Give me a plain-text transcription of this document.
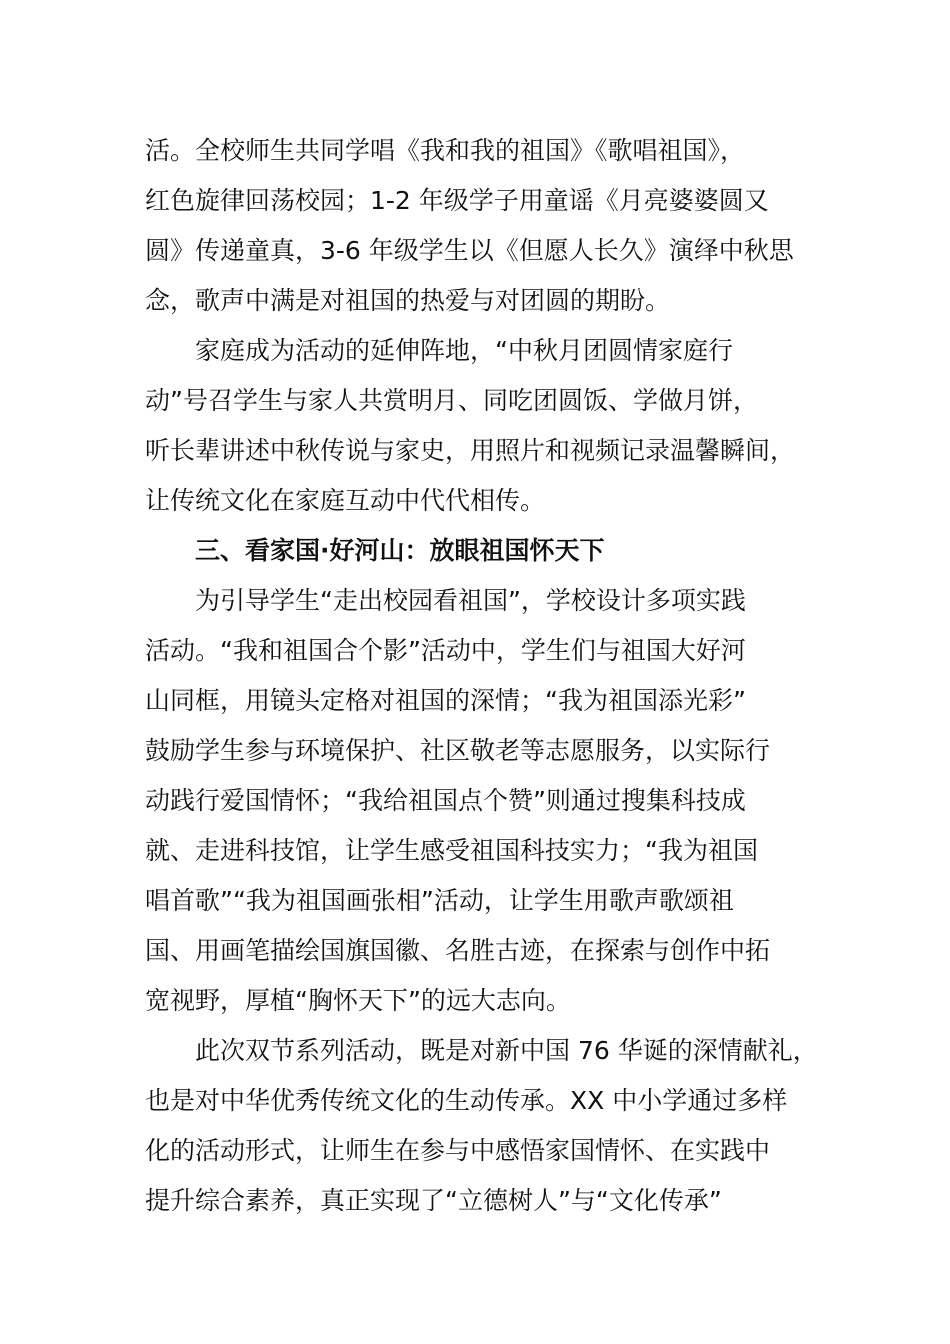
活。全校师生共同学唱《我和我的祖国》《歌唱祖国》，
红色旋律回荡校园；1-2 年级学子用童谣《月亮婆婆圆又
圆》传递童真，3-6 年级学生以《但愿人长久》演绎中秋思
念，歌声中满是对祖国的热爱与对团圆的期盼。
家庭成为活动的延伸阵地，“中秋月团圆情家庭行
动”号召学生与家人共赏明月、同吃团圆饭、学做月饼，
听长辈讲述中秋传说与家史，用照片和视频记录温馨瞬间，
让传统文化在家庭互动中代代相传。
三、看家国·好河山：放眼祖国怀天下
为引导学生“走出校园看祖国”，学校设计多项实践
活动。“我和祖国合个影”活动中，学生们与祖国大好河
山同框，用镜头定格对祖国的深情；“我为祖国添光彩”
鼓励学生参与环境保护、社区敬老等志愿服务，以实际行
动践行爱国情怀；“我给祖国点个赞”则通过搜集科技成
就、走进科技馆，让学生感受祖国科技实力；“我为祖国
唱首歌”“我为祖国画张相”活动，让学生用歌声歌颂祖
国、用画笔描绘国旗国徽、名胜古迹，在探索与创作中拓
宽视野，厚植“胸怀天下”的远大志向。
此次双节系列活动，既是对新中国 76 华诞的深情献礼，
也是对中华优秀传统文化的生动传承。XX 中小学通过多样
化的活动形式，让师生在参与中感悟家国情怀、在实践中
提升综合素养，真正实现了“立德树人”与“文化传承”
